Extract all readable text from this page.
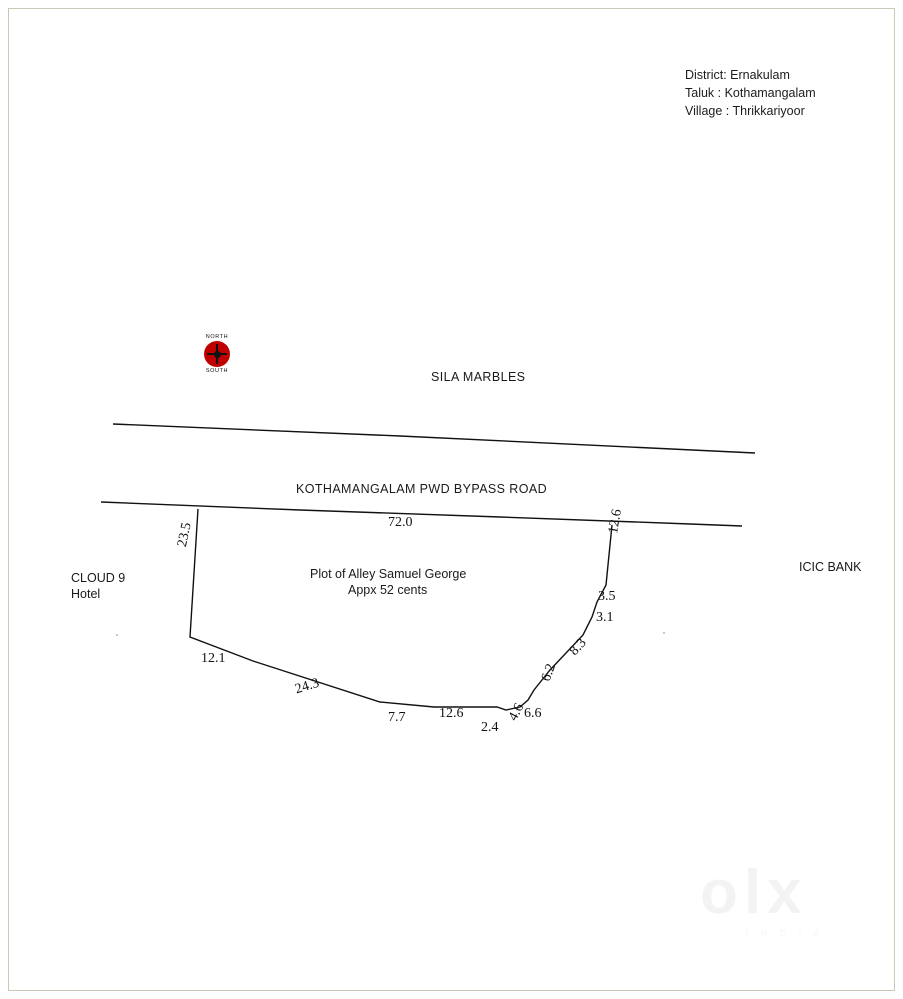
District: Ernakulam
Taluk : Kothamangalam
Village : Thrikkariyoor
NORTH
SOUTH	SILA MARBLES
KOTHAMANGALAM PWD BYPASS ROAD
CLOUD 9
Hotel
ICIC BANK
Plot of Alley Samuel George
Appx 52 cents
72.0
23.5
12.1
24.3
7.7 12.6
2.4
4.6
6.6
6.2
8.3
3.1
3.5
12.6
olx
I N D I A
